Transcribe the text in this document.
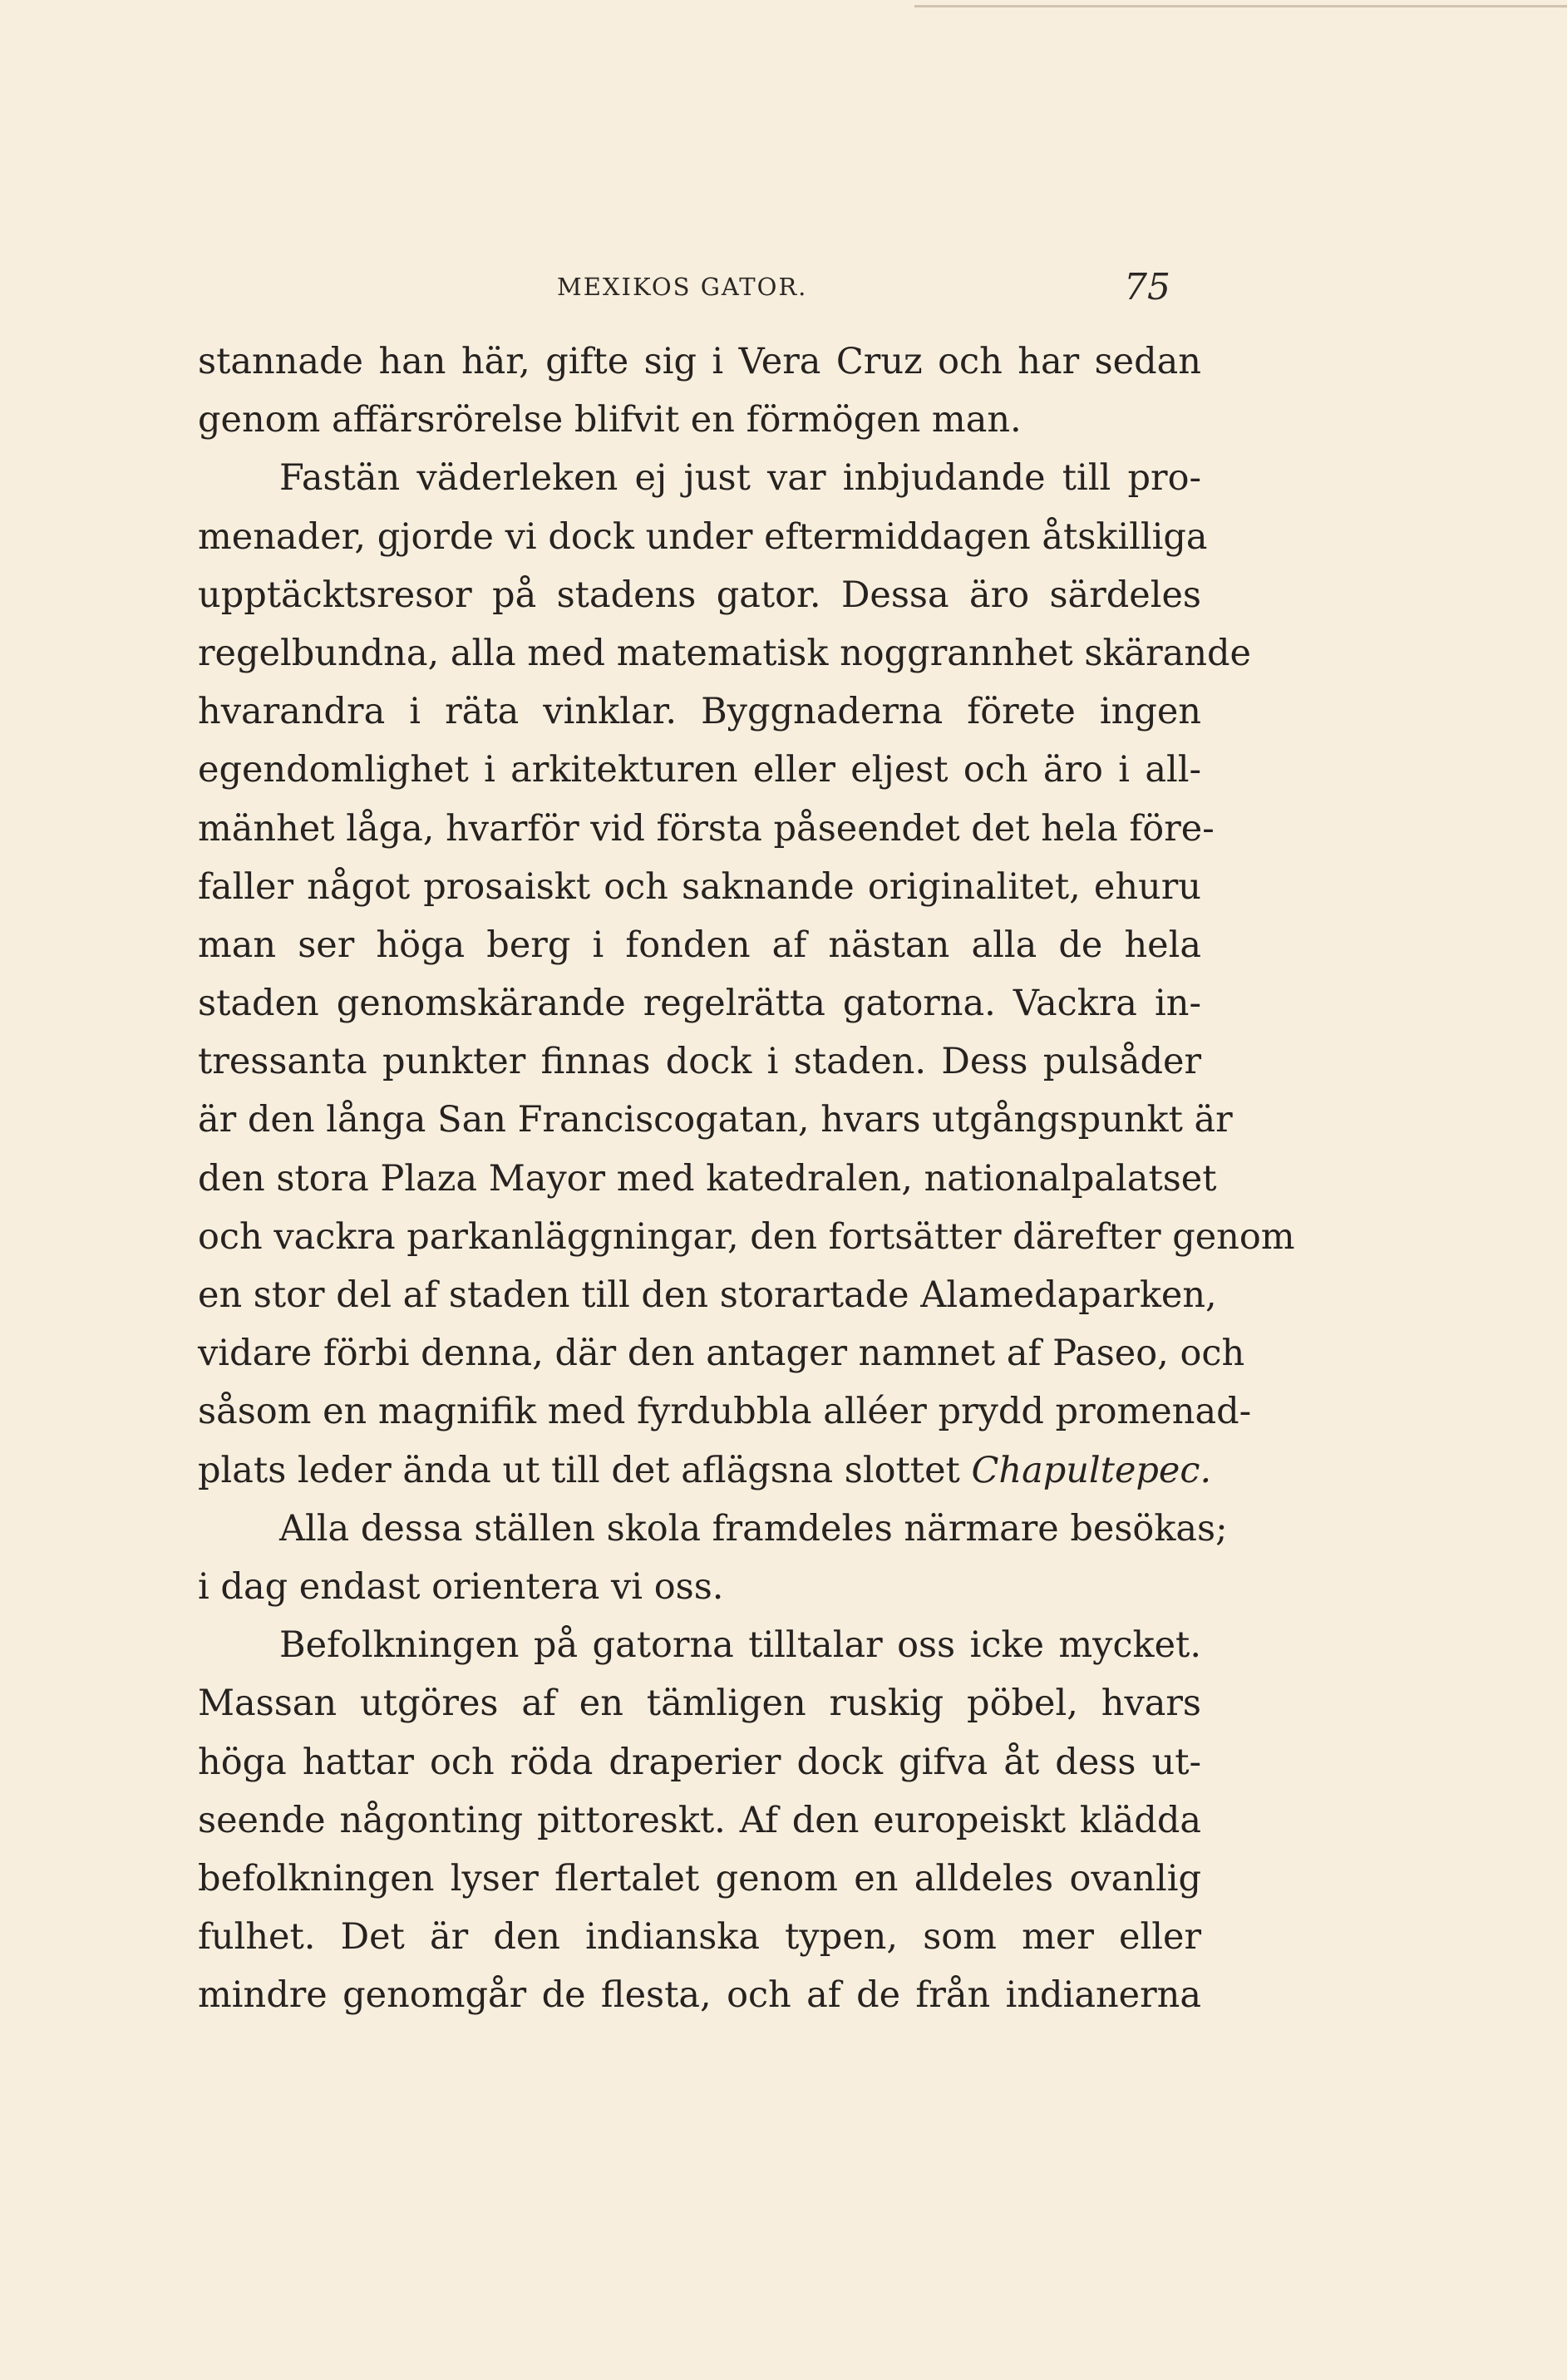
MEXIKOS GATOR.	75
stannade han här, gifte sig i Vera Cruz och har sedan
genom affärsrörelse blifvit en förmögen man.
Fastän väderleken ej just var inbjudande till pro-
menader, gjorde vi dock under eftermiddagen åtskilliga
upptäcktsresor på stadens gator. Dessa äro särdeles
regelbundna, alla med matematisk noggrannhet skärande
hvarandra i räta vinklar. Byggnaderna förete ingen
egendomlighet i arkitekturen eller eljest och äro i all-
mänhet låga, hvarför vid första påseendet det hela före-
faller något prosaiskt och saknande originalitet, ehuru
man ser höga berg i fonden af nästan alla de hela
staden genomskärande regelrätta gatorna. Vackra in-
tressanta punkter finnas dock i staden. Dess pulsåder
är den långa San Franciscogatan, hvars utgångspunkt är
den stora Plaza Mayor med katedralen, nationalpalatset
och vackra parkanläggningar, den fortsätter därefter genom
en stor del af staden till den storartade Alamedaparken,
vidare förbi denna, där den antager namnet af Paseo, och
såsom en magnifik med fyrdubbla alléer prydd promenad-
plats leder ända ut till det aflägsna slottet Chapultepec.
Alla dessa ställen skola framdeles närmare besökas;
i dag endast orientera vi oss.
Befolkningen på gatorna tilltalar oss icke mycket.
Massan utgöres af en tämligen ruskig pöbel, hvars
höga hattar och röda draperier dock gifva åt dess ut-
seende någonting pittoreskt. Af den europeiskt klädda
befolkningen lyser flertalet genom en alldeles ovanlig
fulhet. Det är den indianska typen, som mer eller
mindre genomgår de flesta, och af de från indianerna
